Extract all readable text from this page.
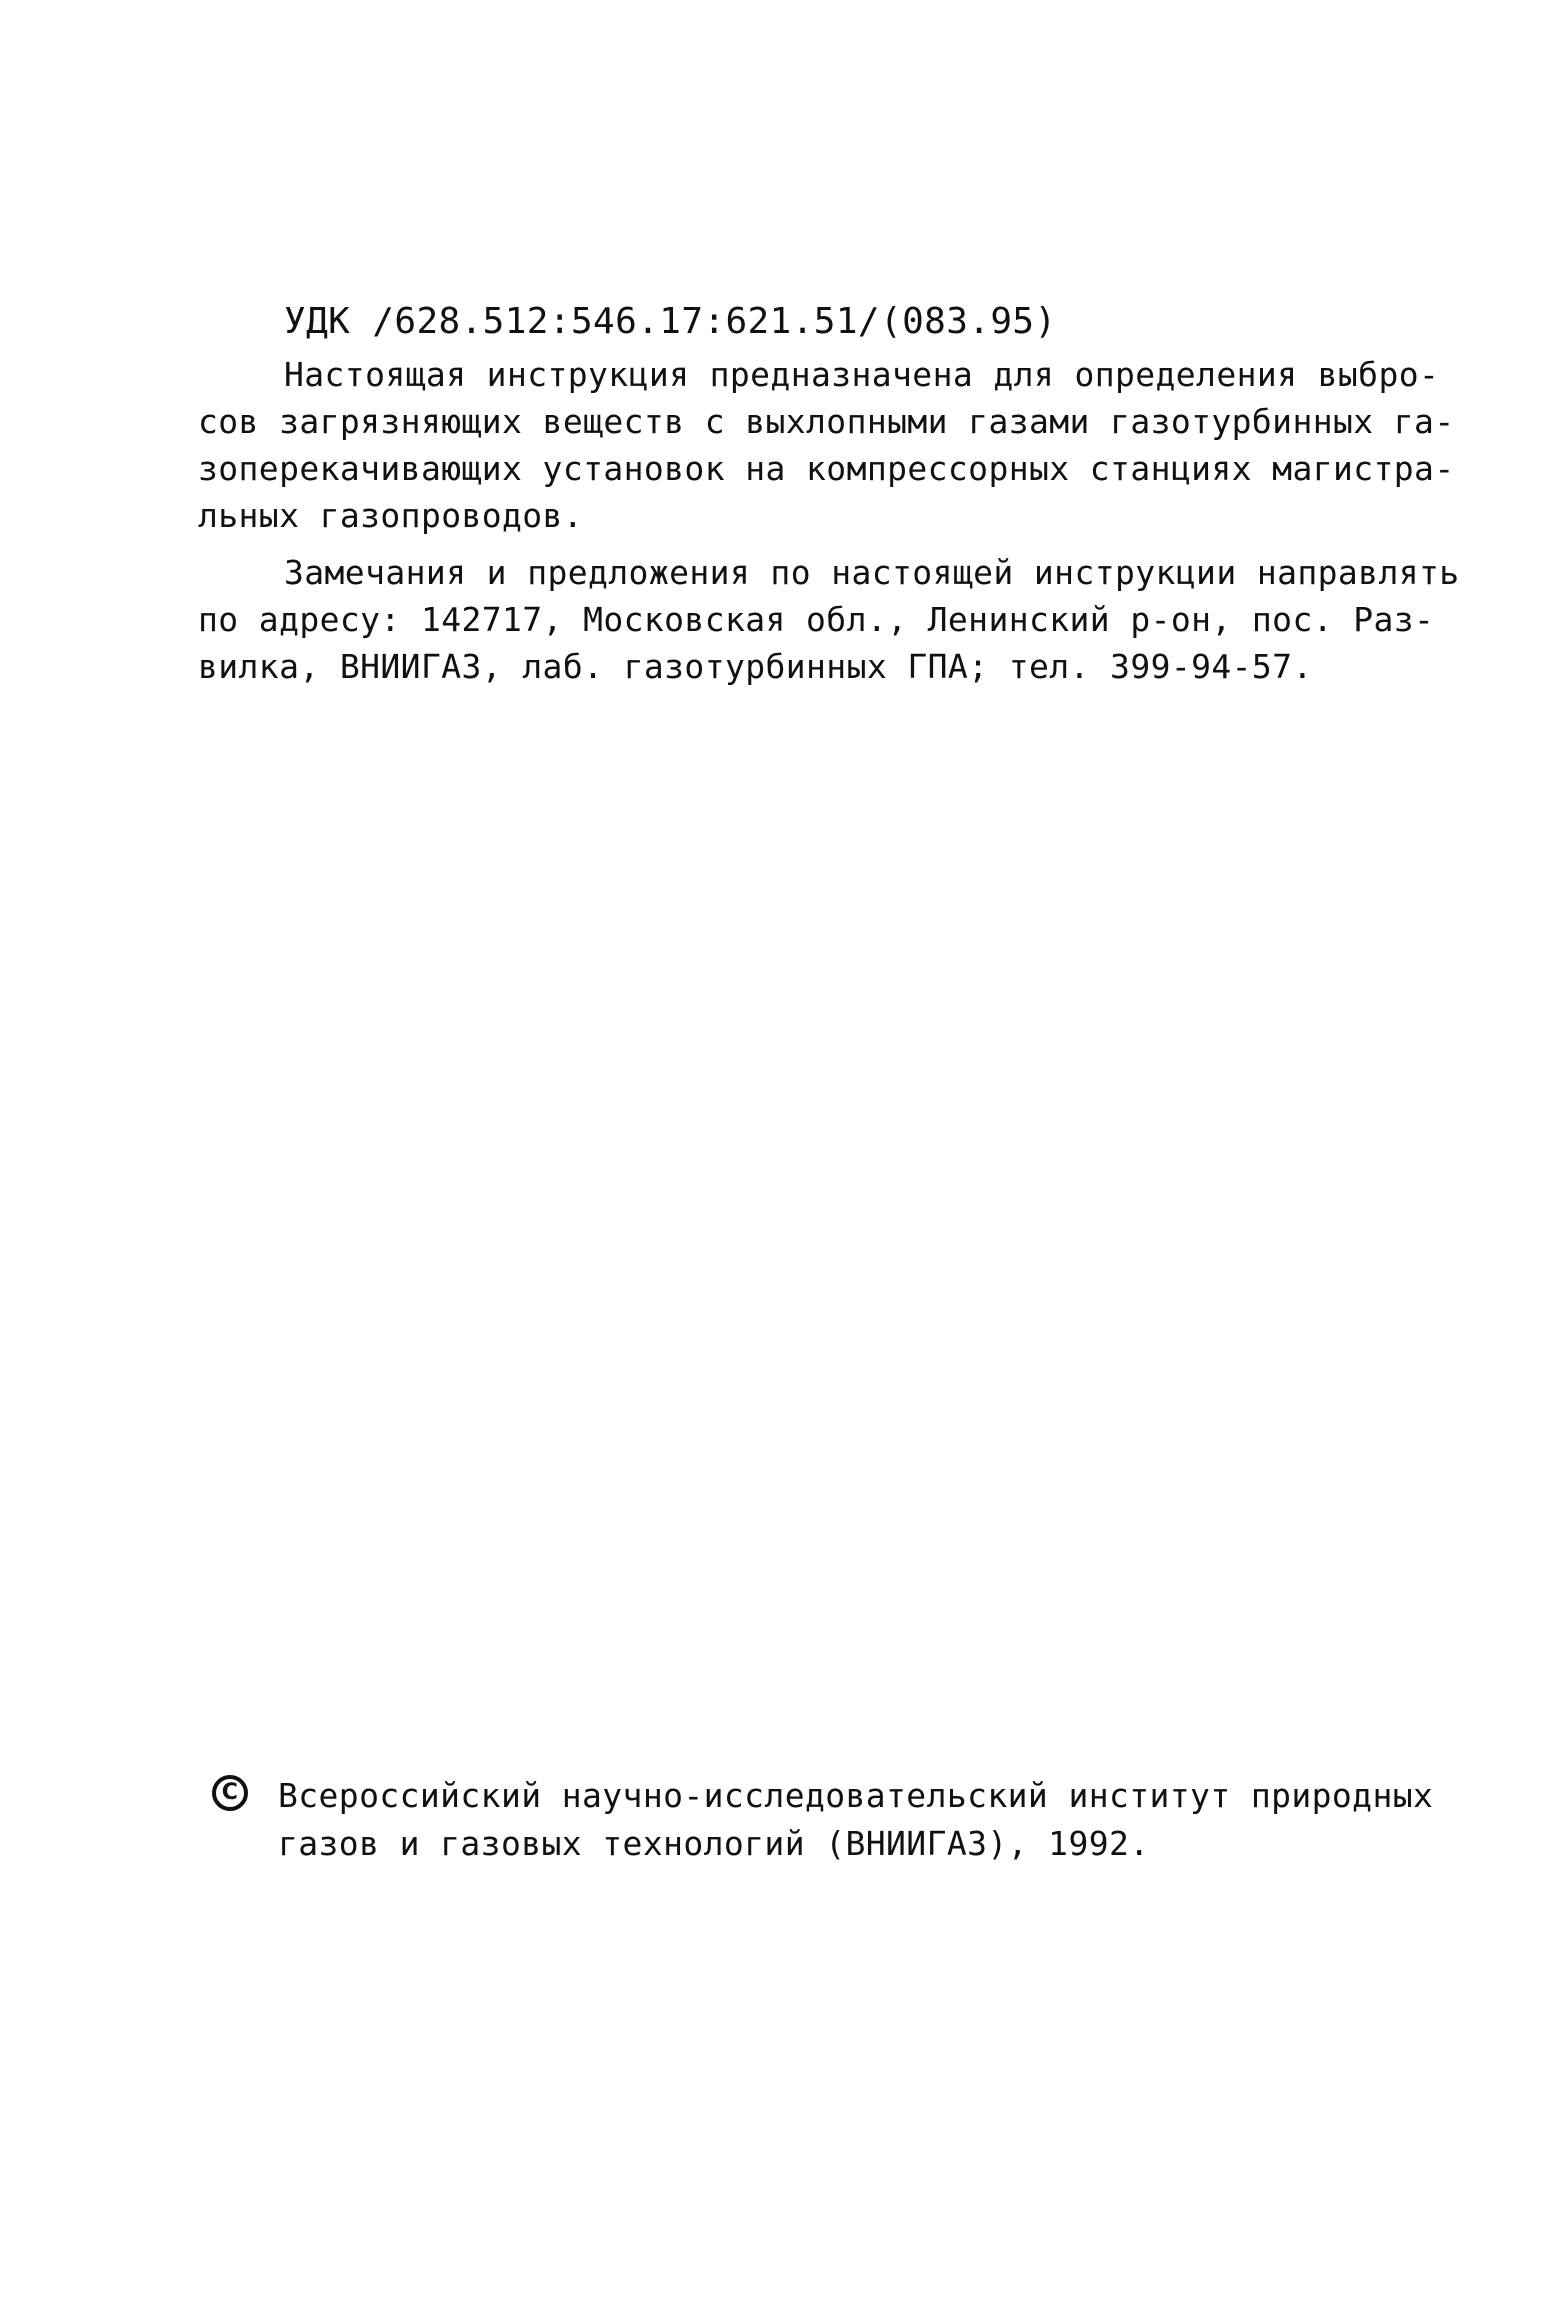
УДК /628.512:546.17:621.51/(083.95)
Настоящая инструкция предназначена для определения выбро-
сов загрязняющих веществ с выхлопными газами газотурбинных га-
зоперекачивающих установок на компрессорных станциях магистра-
льных газопроводов.
Замечания и предложения по настоящей инструкции направлять
по адресу: 142717, Московская обл., Ленинский р-он, пос. Раз-
вилка, ВНИИГАЗ, лаб. газотурбинных ГПА; тел. 399-94-57.
C Всероссийский научно-исследовательский институт природных
газов и газовых технологий (ВНИИГАЗ), 1992.
